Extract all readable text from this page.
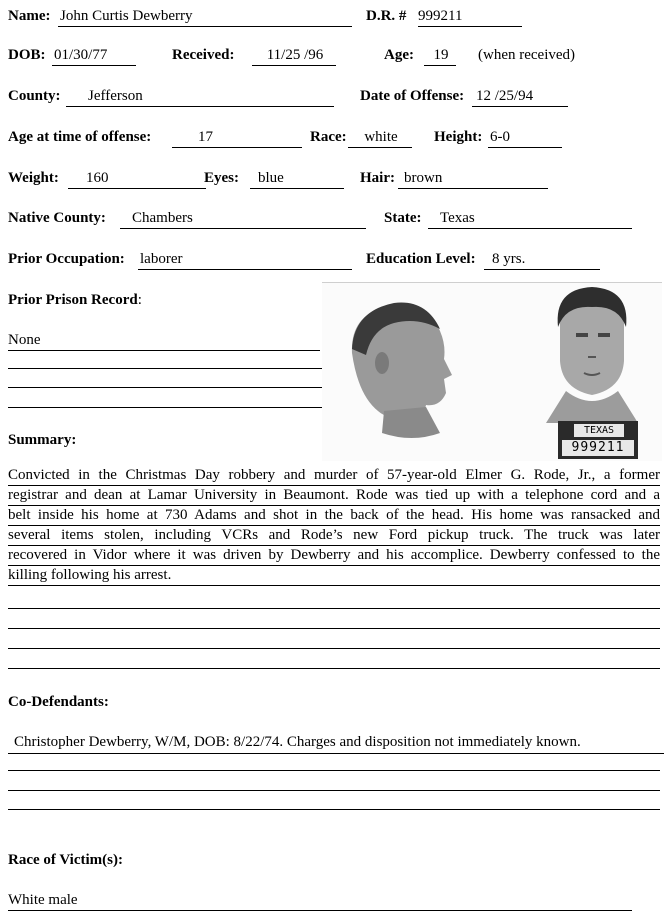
Name: John Curtis Dewberry	D.R. # 999211
DOB: 01/30/77	Received:	11/25 /96	Age:	19	(when received)
County:	Jefferson	Date of Offense: 12 /25/94
Age at time of offense:	17	Race:	white	Height: 6-0
Weight:	160	Eyes:	blue	Hair: brown
Native County:	Chambers	State:	Texas
Prior Occupation: laborer	Education Level:	8 yrs.
Prior Prison Record:
None
TEXAS
999211
Summary:
Convicted in the Christmas Day robbery and murder of 57-year-old Elmer G. Rode, Jr., a former
registrar and dean at Lamar University in Beaumont. Rode was tied up with a telephone cord and a
belt inside his home at 730 Adams and shot in the back of the head. His home was ransacked and
several items stolen, including VCRs and Rode’s new Ford pickup truck. The truck was later
recovered in Vidor where it was driven by Dewberry and his accomplice. Dewberry confessed to the
killing following his arrest.
Co-Defendants:
Christopher Dewberry, W/M, DOB: 8/22/74. Charges and disposition not immediately known.
Race of Victim(s):
White male
